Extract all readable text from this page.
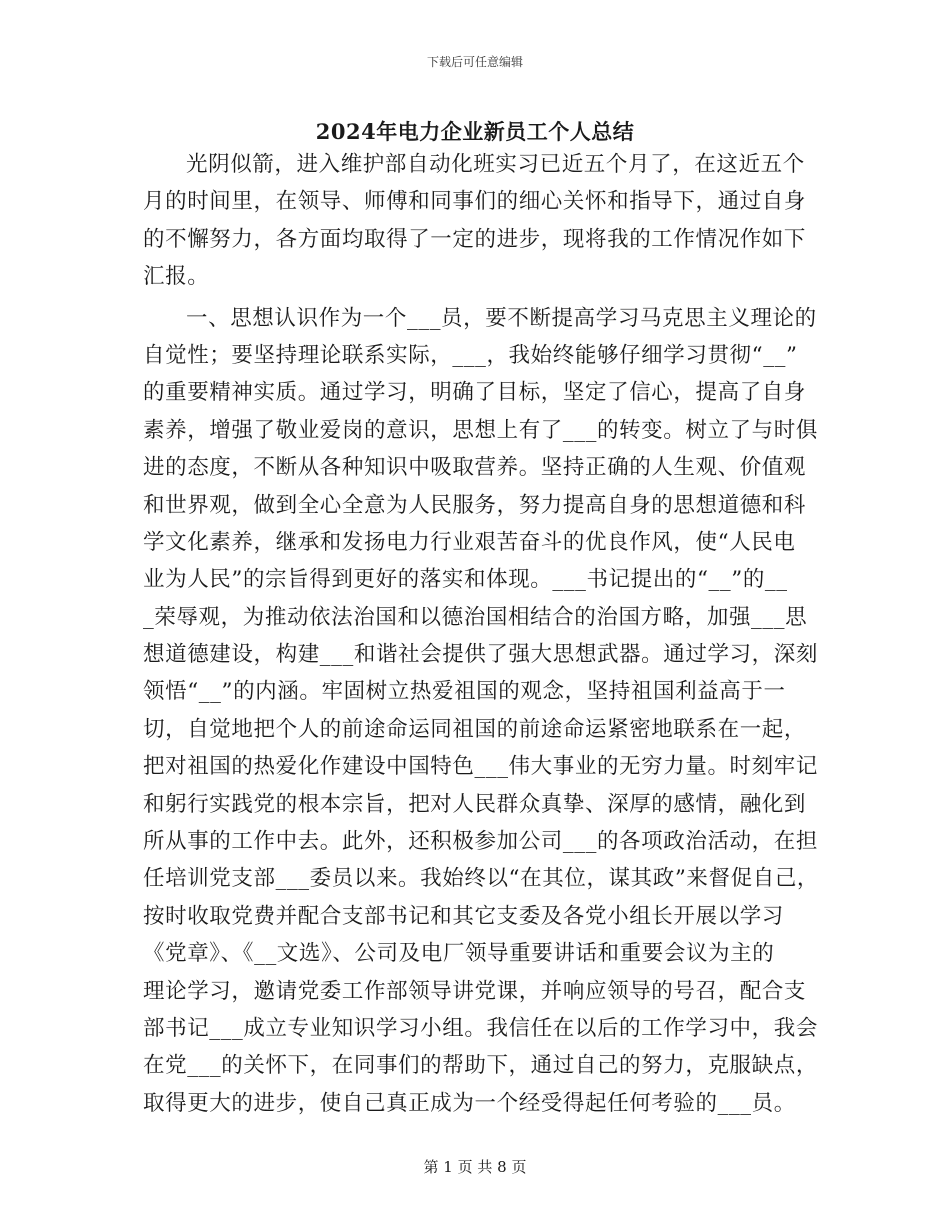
下载后可任意编辑
2024年电力企业新员工个人总结
光阴似箭，进入维护部自动化班实习已近五个月了，在这近五个
月的时间里，在领导、师傅和同事们的细心关怀和指导下，通过自身
的不懈努力，各方面均取得了一定的进步，现将我的工作情况作如下
汇报。
一、思想认识作为一个___员，要不断提高学习马克思主义理论的
自觉性；要坚持理论联系实际，___，我始终能够仔细学习贯彻“__”
的重要精神实质。通过学习，明确了目标，坚定了信心，提高了自身
素养，增强了敬业爱岗的意识，思想上有了___的转变。树立了与时俱
进的态度，不断从各种知识中吸取营养。坚持正确的人生观、价值观
和世界观，做到全心全意为人民服务，努力提高自身的思想道德和科
学文化素养，继承和发扬电力行业艰苦奋斗的优良作风，使“人民电
业为人民”的宗旨得到更好的落实和体现。___书记提出的“__”的__
_荣辱观，为推动依法治国和以德治国相结合的治国方略，加强___思
想道德建设，构建___和谐社会提供了强大思想武器。通过学习，深刻
领悟“__”的内涵。牢固树立热爱祖国的观念，坚持祖国利益高于一
切，自觉地把个人的前途命运同祖国的前途命运紧密地联系在一起，
把对祖国的热爱化作建设中国特色___伟大事业的无穷力量。时刻牢记
和躬行实践党的根本宗旨，把对人民群众真挚、深厚的感情，融化到
所从事的工作中去。此外，还积极参加公司___的各项政治活动，在担
任培训党支部___委员以来。我始终以“在其位，谋其政”来督促自己，
按时收取党费并配合支部书记和其它支委及各党小组长开展以学习
《党章》、《__文选》、公司及电厂领导重要讲话和重要会议为主的
理论学习，邀请党委工作部领导讲党课，并响应领导的号召，配合支
部书记___成立专业知识学习小组。我信任在以后的工作学习中，我会
在党___的关怀下，在同事们的帮助下，通过自己的努力，克服缺点，
取得更大的进步，使自己真正成为一个经受得起任何考验的___员。
第 1 页 共 8 页
